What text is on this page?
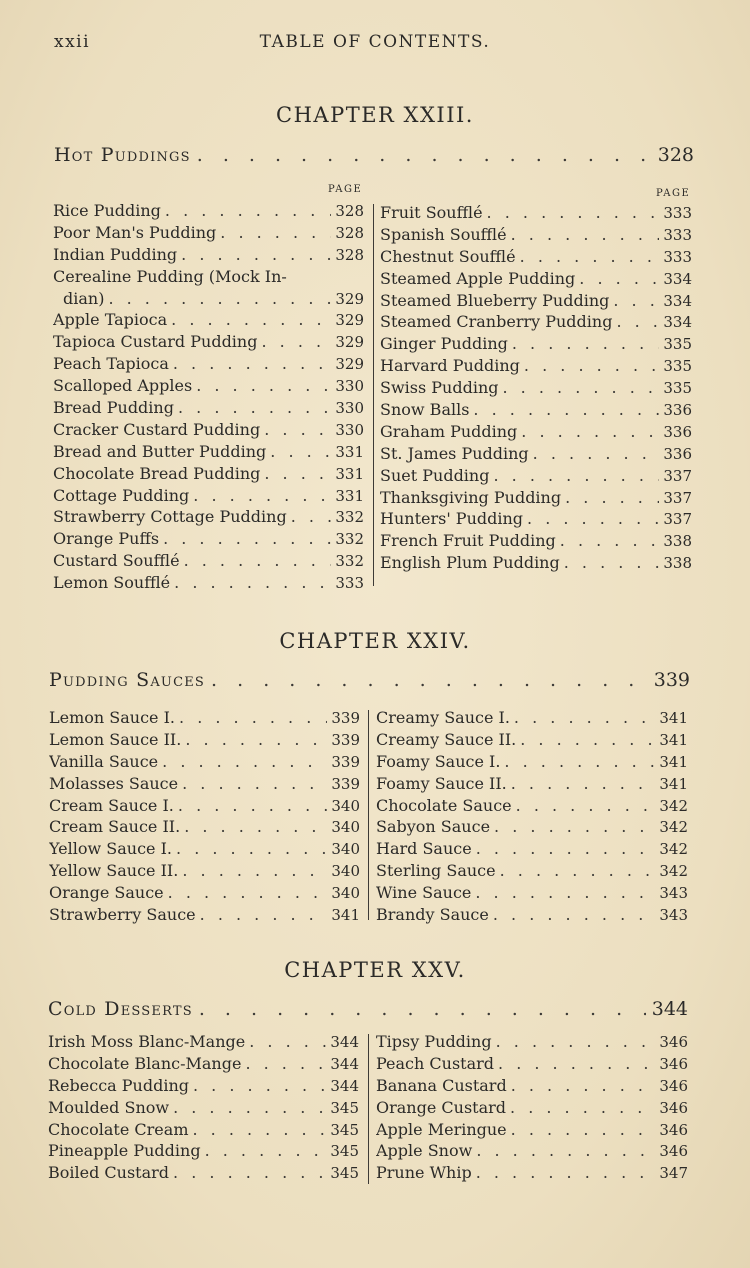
xxii	TABLE OF CONTENTS.
CHAPTER XXIII.
Hot Puddings . . .	328
PAGE	PAGE
Rice Pudding . . .	328
Poor Man's Pudding . . .	328
Indian Pudding . . .	328
Cerealine Pudding (Mock In-
dian) . . .	329
Apple Tapioca . . .	329
Tapioca Custard Pudding . . .	329
Peach Tapioca . . .	329
Scalloped Apples . . .	330
Bread Pudding . . .	330
Cracker Custard Pudding . . .	330
Bread and Butter Pudding . . .	331
Chocolate Bread Pudding . . .	331
Cottage Pudding . . .	331
Strawberry Cottage Pudding . . .	332
Orange Puffs . . .	332
Custard Soufflé . . .	332
Lemon Soufflé . . .	333
Fruit Soufflé . . .	333
Spanish Soufflé . . .	333
Chestnut Soufflé . . .	333
Steamed Apple Pudding . . .	334
Steamed Blueberry Pudding . . .	334
Steamed Cranberry Pudding . . .	334
Ginger Pudding . . .	335
Harvard Pudding . . .	335
Swiss Pudding . . .	335
Snow Balls . . .	336
Graham Pudding . . .	336
St. James Pudding . . .	336
Suet Pudding . . .	337
Thanksgiving Pudding . . .	337
Hunters' Pudding . . .	337
French Fruit Pudding . . .	338
English Plum Pudding . . .	338
CHAPTER XXIV.
Pudding Sauces . . .	339
Lemon Sauce I. . . .	339
Lemon Sauce II. . . .	339
Vanilla Sauce . . .	339
Molasses Sauce . . .	339
Cream Sauce I. . . .	340
Cream Sauce II. . . .	340
Yellow Sauce I. . . .	340
Yellow Sauce II. . . .	340
Orange Sauce . . .	340
Strawberry Sauce . . .	341
Creamy Sauce I. . . .	341
Creamy Sauce II. . . .	341
Foamy Sauce I. . . .	341
Foamy Sauce II. . . .	341
Chocolate Sauce . . .	342
Sabyon Sauce . . .	342
Hard Sauce . . .	342
Sterling Sauce . . .	342
Wine Sauce . . .	343
Brandy Sauce . . .	343
CHAPTER XXV.
Cold Desserts . . .	344
Irish Moss Blanc-Mange . . .	344
Chocolate Blanc-Mange . . .	344
Rebecca Pudding . . .	344
Moulded Snow . . .	345
Chocolate Cream . . .	345
Pineapple Pudding . . .	345
Boiled Custard . . .	345
Tipsy Pudding . . .	346
Peach Custard . . .	346
Banana Custard . . .	346
Orange Custard . . .	346
Apple Meringue . . .	346
Apple Snow . . .	346
Prune Whip . . .	347
